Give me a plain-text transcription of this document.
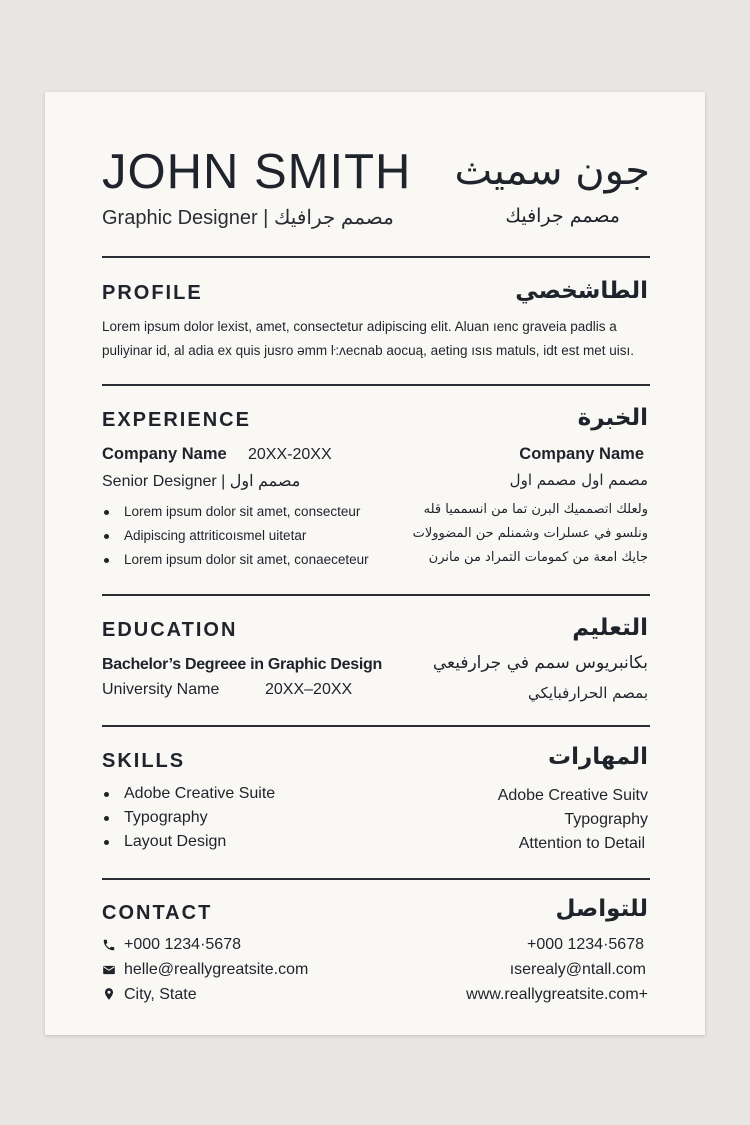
JOHN SMITH جون سميث
Graphic Designer | مصمم جرافيك	مصمم جرافيك
PROFILE	الطاشخصي
Lorem ipsum dolor lexist, amet, consectetur adipiscing elit. Aluan ıenc graveia padlis a
puliyinar id, al adia ex quis jusro əmm ŀ:ʌecnab aocuą, aeting ısıs matuls, idt est met uisı.
EXPERIENCE	الخبرة
Company Name 20XX-20XX	Company Name
Senior Designer | مصمم اول	مصمم اول مصمم اول
Lorem ipsum dolor sit amet, consecteur
Adipiscing attriticoısmel uitetar
Lorem ipsum dolor sit amet, conaeceteur
ولعلك اتصمميك البرن تما من انسمميا قله
ونلسو في عسلرات وشمنلم حن المضوولات
جايك امعة من كمومات التمراد من مانرن
EDUCATION	التعليم
Bachelor’s Degreee in Graphic Design
University Name	20XX–20XX
بكانبريوس سمم في جرارفيعي
بمصم الحرارفبايكي
SKILLS	المهارات
Adobe Creative Suite
Typography
Layout Design
Adobe Creative Suitv
Typography
Attention to Detail
CONTACT	للتواصل
+000 1234·5678
helle@reallygreatsite.com
City, State
+000 1234·5678
ısereal⁠y@ntall.com
www.reallygreatsite.com+
